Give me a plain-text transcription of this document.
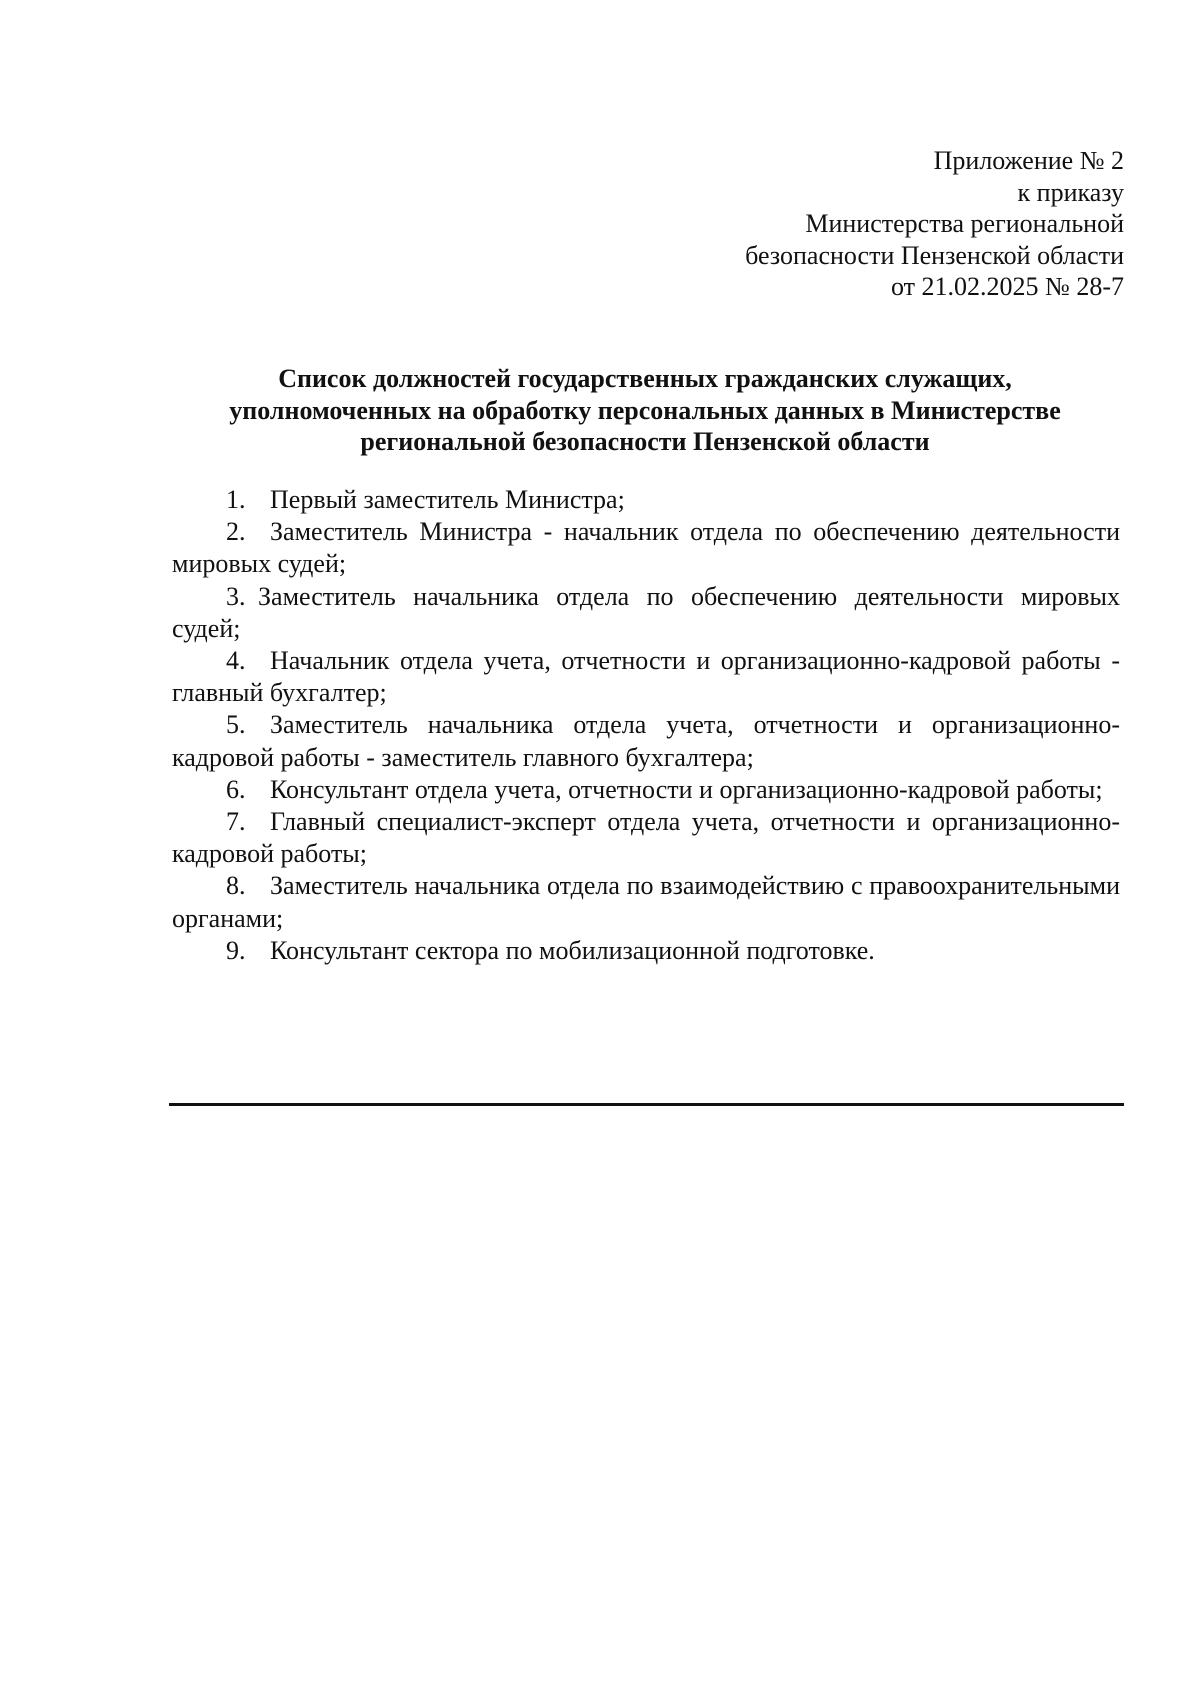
Приложение № 2
к приказу
Министерства региональной
безопасности Пензенской области
от 21.02.2025 № 28-7
Список должностей государственных гражданских служащих,
уполномоченных на обработку персональных данных в Министерстве
региональной безопасности Пензенской области
1. Первый заместитель Министра;
2. Заместитель Министра - начальник отдела по обеспечению деятельности мировых судей;
3. Заместитель начальника отдела по обеспечению деятельности мировых судей;
4. Начальник отдела учета, отчетности и организационно-кадровой работы - главный бухгалтер;
5. Заместитель начальника отдела учета, отчетности и организационно-кадровой работы - заместитель главного бухгалтера;
6. Консультант отдела учета, отчетности и организационно-кадровой работы;
7. Главный специалист-эксперт отдела учета, отчетности и организационно-кадровой работы;
8. Заместитель начальника отдела по взаимодействию с правоохранительными органами;
9. Консультант сектора по мобилизационной подготовке.
